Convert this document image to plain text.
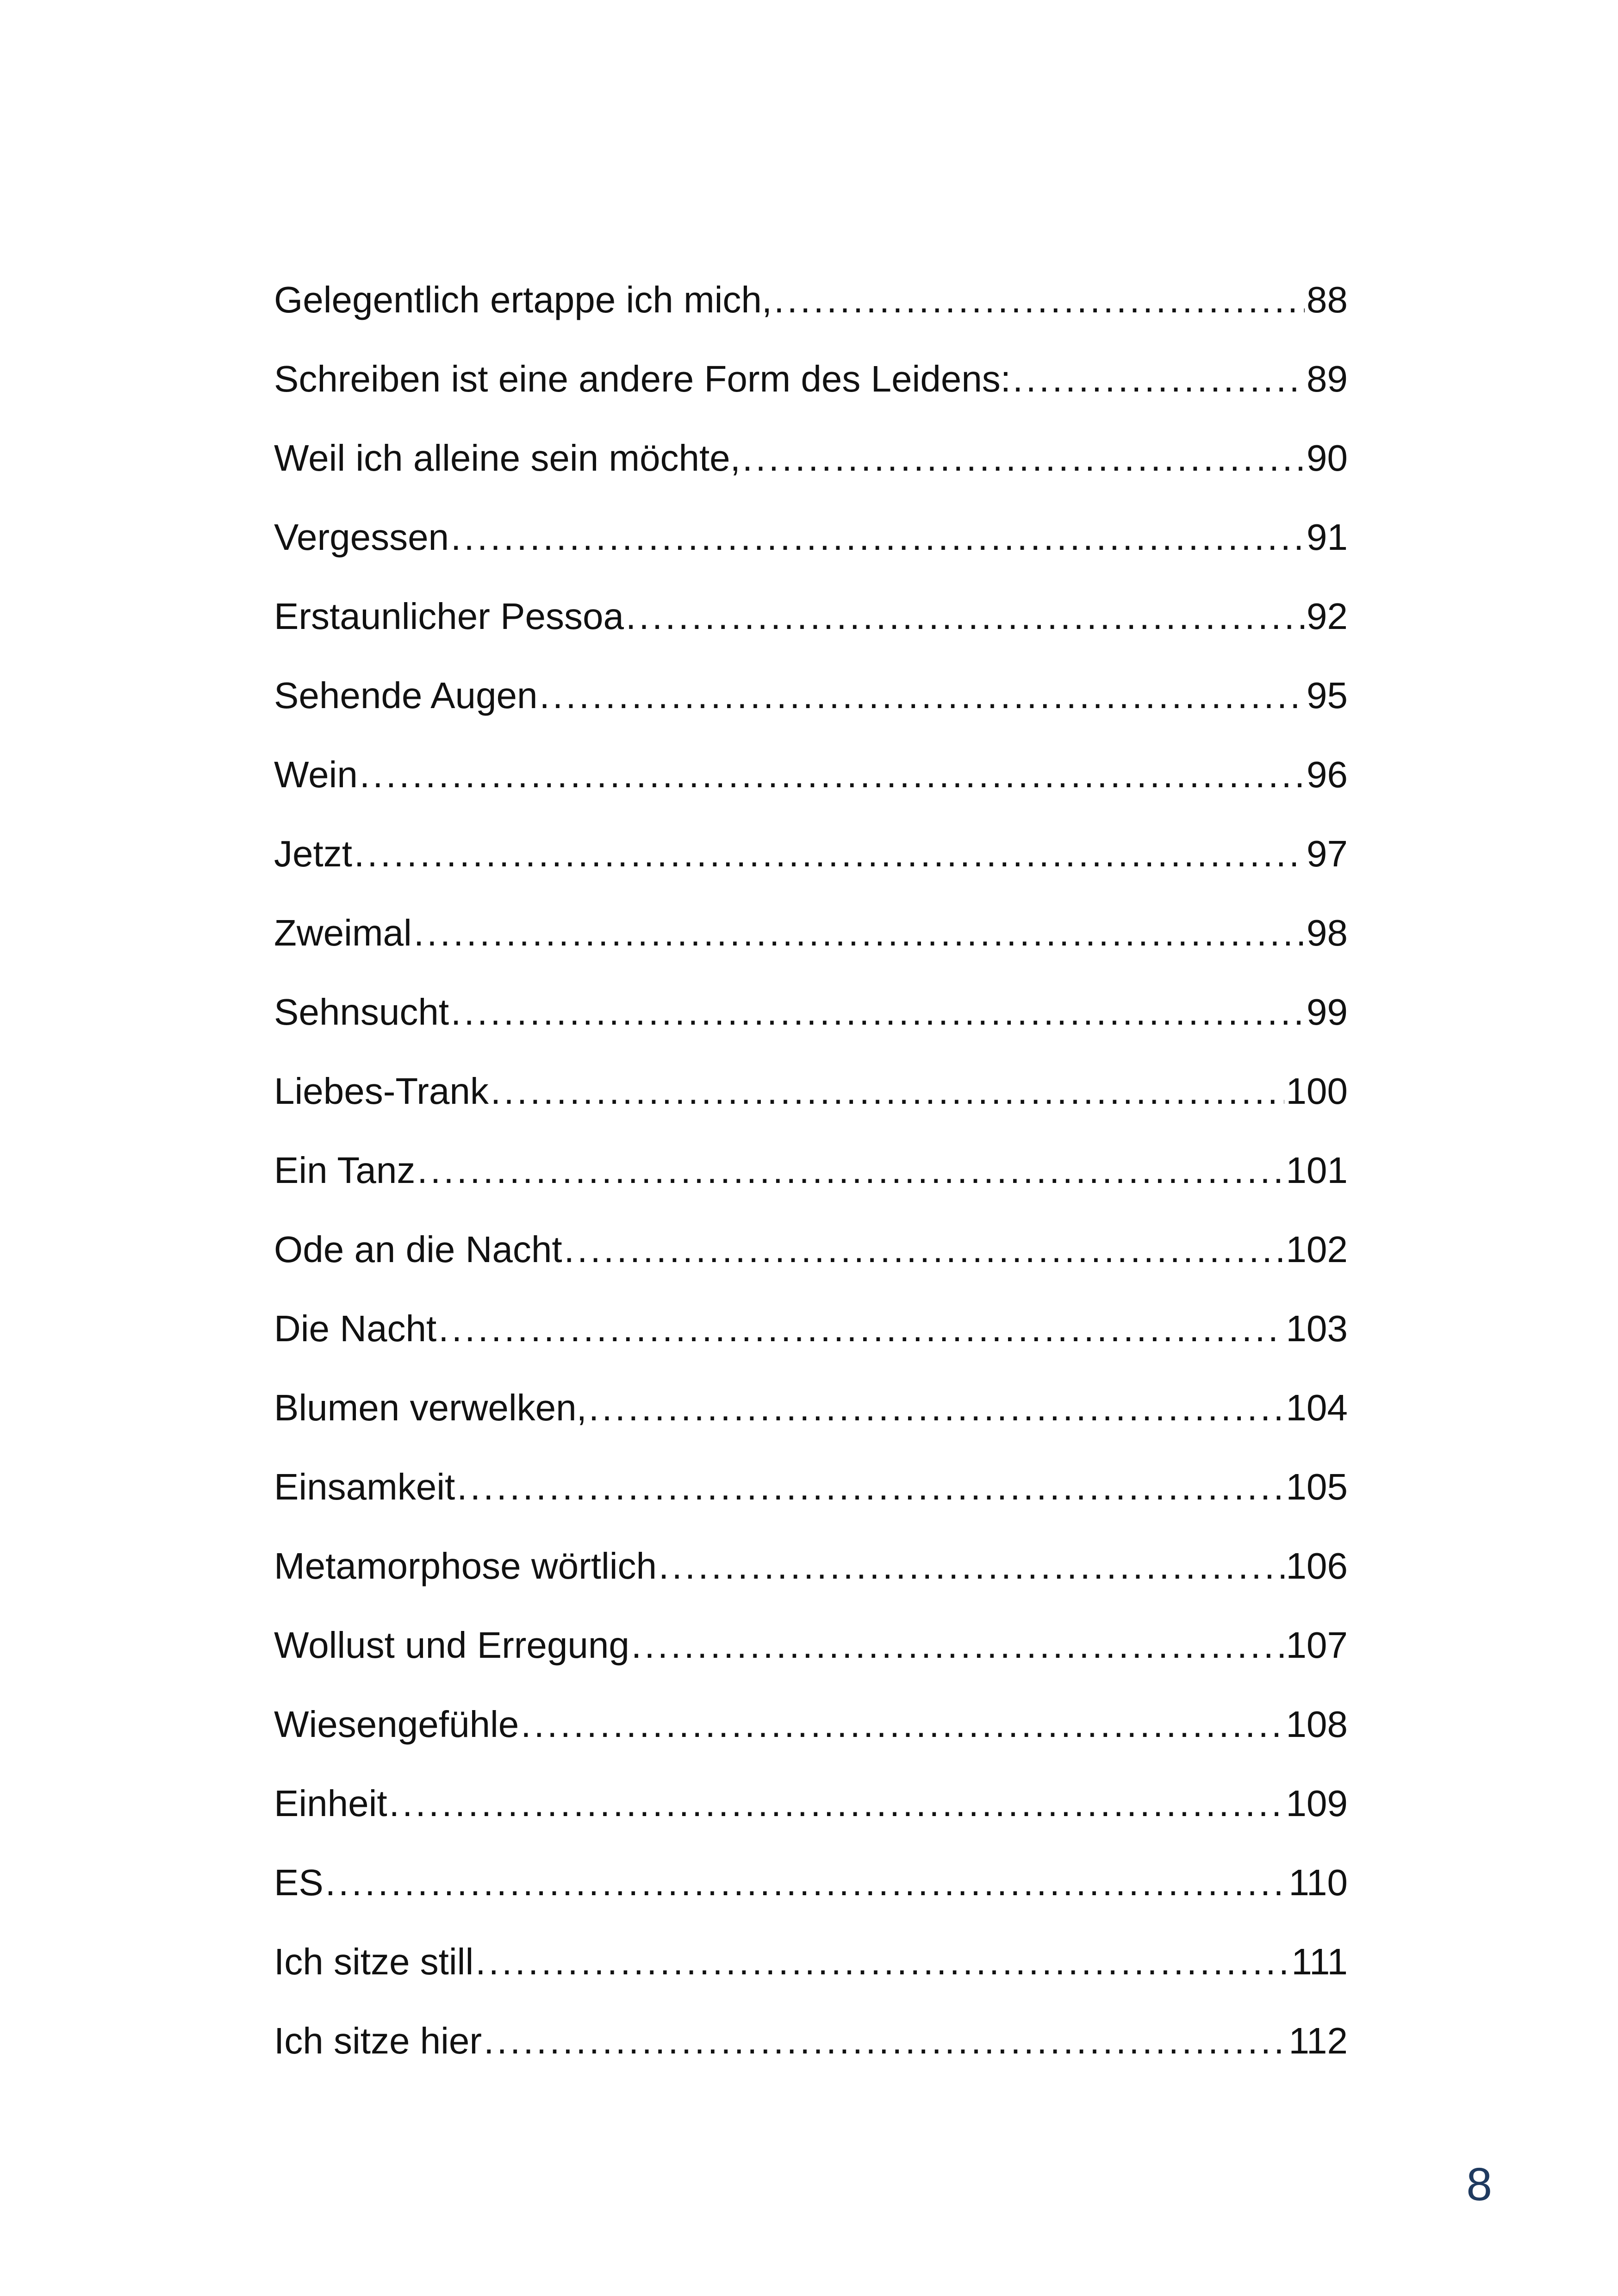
Gelegentlich ertappe ich mich, . . .	88
Schreiben ist eine andere Form des Leidens: . . .	89
Weil ich alleine sein möchte, . . .	90
Vergessen . . .	91
Erstaunlicher Pessoa . . .	92
Sehende Augen . . .	95
Wein . . .	96
Jetzt . . .	97
Zweimal . . .	98
Sehnsucht . . .	99
Liebes-Trank . . .	100
Ein Tanz . . .	101
Ode an die Nacht . . .	102
Die Nacht . . .	103
Blumen verwelken, . . .	104
Einsamkeit . . .	105
Metamorphose wörtlich . . .	106
Wollust und Erregung . . .	107
Wiesengefühle . . .	108
Einheit . . .	109
ES . . .	110
Ich sitze still . . .	111
Ich sitze hier . . .	112
8
